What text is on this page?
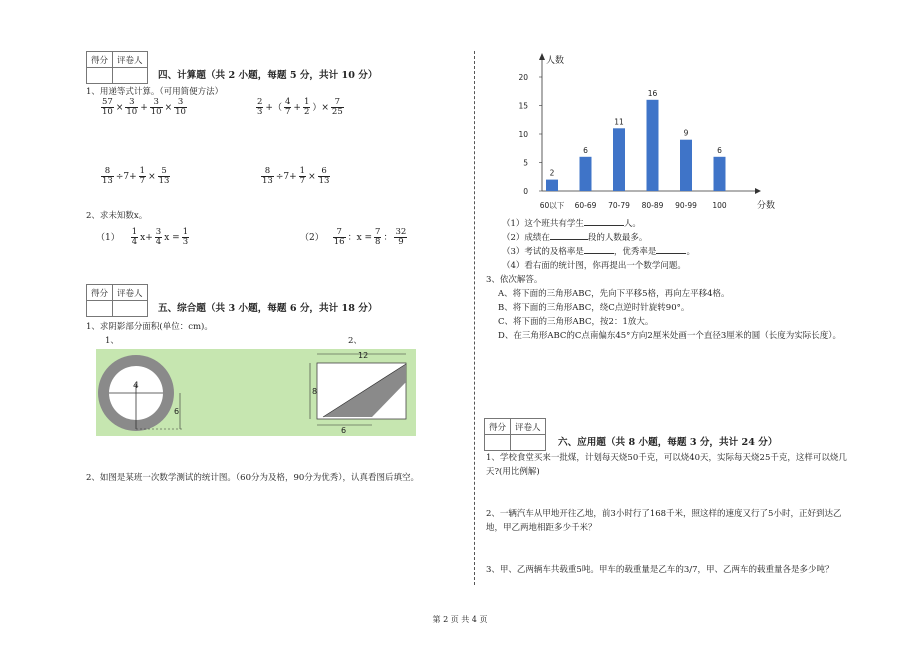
得分	评卷人

四、计算题（共 2 小题，每题 5 分，共计 10 分）
1、用递等式计算。（可用简便方法）
$\frac{57}{10} \times \frac{3}{10} + \frac{3}{10} \times \frac{3}{10}$	$\frac{2}{3}$ +（ $\frac{4}{7} + \frac{1}{2}$ ）× $\frac{7}{25}$
$\frac{8}{13} \div 7+ \frac{1}{7} \times \frac{5}{13}$	$\frac{8}{13} \div 7+ \frac{1}{7} \times \frac{6}{13}$
2、求未知数x。
$(1) \frac{1}{4} x+ \frac{3}{4}$ $x = \frac{1}{3}$	$(2) \frac{7}{16}$ ：$x = \frac{7}{8}$ ： $\frac{32}{9}$
得分	评卷人

五、综合题（共 3 小题，每题 6 分，共计 18 分）
1、求阴影部分面积(单位：cm)。
1、	2、
4
6
12
8
6
2、如图是某班一次数学测试的统计图。（60分为及格，90分为优秀），认真看图后填空。
人数
分数
0
5
10
15
20
2
60以下
6
60-69
11
70-79
16
80-89
9
90-99
6
100
（1）这个班共有学生	人。
（2）成绩在	段的人数最多。
（3）考试的及格率是	，优秀率是	。
（4）看右面的统计图，你再提出一个数学问题。
3、依次解答。
A、将下面的三角形ABC，先向下平移5格，再向左平移4格。
B、将下面的三角形ABC，绕C点逆时针旋转90°。
C、将下面的三角形ABC，按2：1放大。
D、在三角形ABC的C点南偏东45°方向2厘米处画一个直径3厘米的圆（长度为实际长度）。
得分	评卷人

六、应用题（共 8 小题，每题 3 分，共计 24 分）
1、学校食堂买来一批煤，计划每天烧50千克，可以烧40天，实际每天烧25千克，这样可以烧几
天?(用比例解)
2、一辆汽车从甲地开往乙地，前3小时行了168千米，照这样的速度又行了5小时，正好到达乙
地，甲乙两地相距多少千米？
3、甲、乙两辆车共载重5吨。甲车的载重量是乙车的3/7，甲、乙两车的载重量各是多少吨？
第 2 页 共 4 页
